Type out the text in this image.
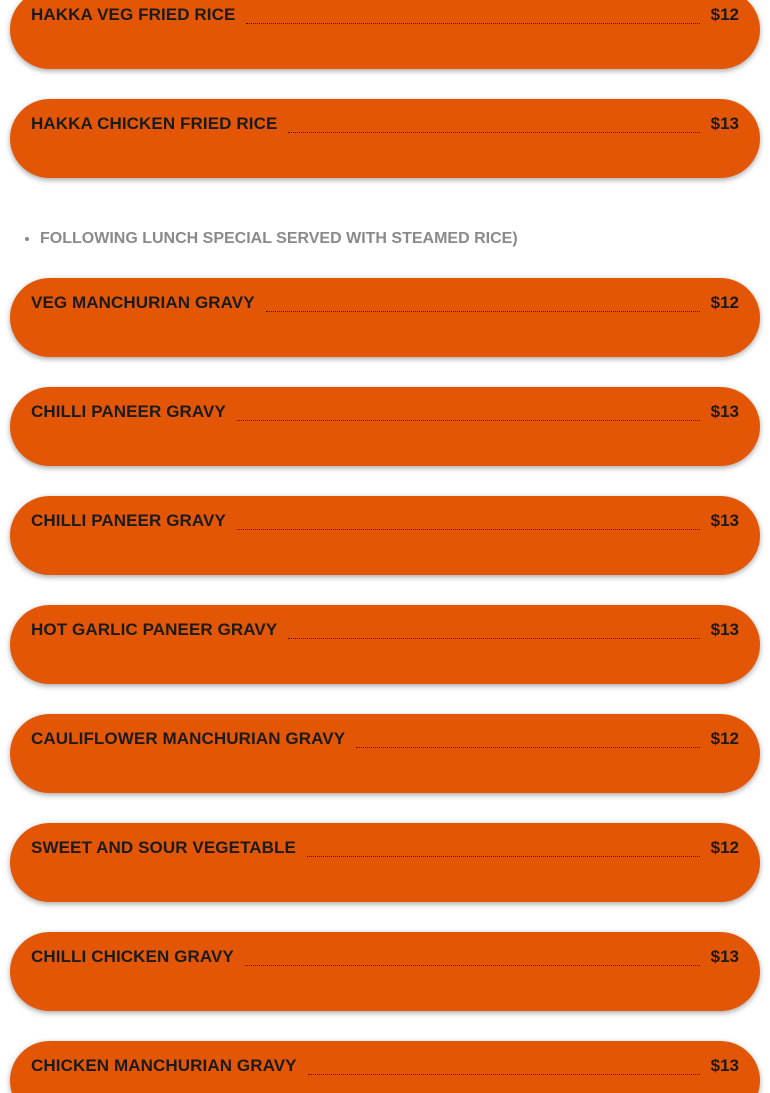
HAKKA VEG FRIED RICE	$12
HAKKA CHICKEN FRIED RICE	$13
• FOLLOWING LUNCH SPECIAL SERVED WITH STEAMED RICE)
VEG MANCHURIAN GRAVY	$12
CHILLI PANEER GRAVY	$13
CHILLI PANEER GRAVY	$13
HOT GARLIC PANEER GRAVY	$13
CAULIFLOWER MANCHURIAN GRAVY	$12
SWEET AND SOUR VEGETABLE	$12
CHILLI CHICKEN GRAVY	$13
CHICKEN MANCHURIAN GRAVY	$13
